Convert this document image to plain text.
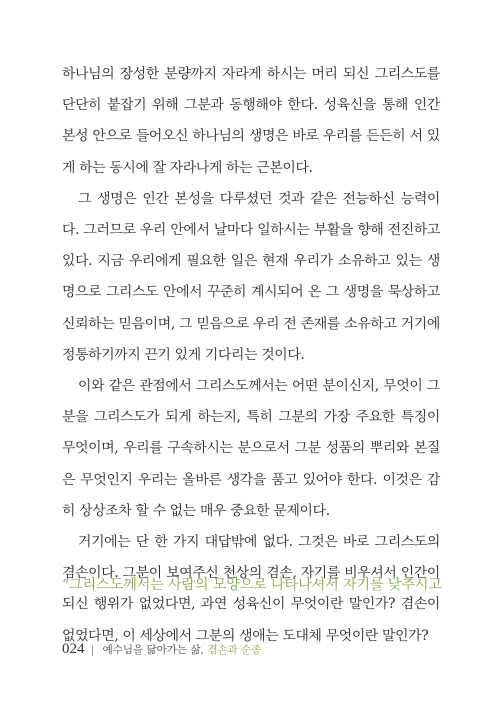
하나님의 장성한 분량까지 자라게 하시는 머리 되신 그리스도를 단단히 붙잡기 위해 그분과 동행해야 한다. 성육신을 통해 인간 본성 안으로 들어오신 하나님의 생명은 바로 우리를 든든히 서 있게 하는 동시에 잘 자라나게 하는 근본이다.

그 생명은 인간 본성을 다루셨던 것과 같은 전능하신 능력이다. 그러므로 우리 안에서 날마다 일하시는 부활을 향해 전진하고 있다. 지금 우리에게 필요한 일은 현재 우리가 소유하고 있는 생명으로 그리스도 안에서 꾸준히 계시되어 온 그 생명을 묵상하고 신뢰하는 믿음이며, 그 믿음으로 우리 전 존재를 소유하고 거기에 정통하기까지 끈기 있게 기다리는 것이다.

이와 같은 관점에서 그리스도께서는 어떤 분이신지, 무엇이 그분을 그리스도가 되게 하는지, 특히 그분의 가장 주요한 특징이 무엇이며, 우리를 구속하시는 분으로서 그분 성품의 뿌리와 본질은 무엇인지 우리는 올바른 생각을 품고 있어야 한다. 이것은 감히 상상조차 할 수 없는 매우 중요한 문제이다.

거기에는 단 한 가지 대답밖에 없다. 그것은 바로 그리스도의 겸손이다. 그분이 보여주신 천상의 겸손, 자기를 비우셔서 인간이 되신 행위가 없었다면, 과연 성육신이 무엇이란 말인가? 겸손이 없었다면, 이 세상에서 그분의 생애는 도대체 무엇이란 말인가?

“그리스도께서는 사람의 모양으로 나타나셔서 자기를 낮추시고
024 | 예수님을 닮아가는 삶, 겸손과 순종
